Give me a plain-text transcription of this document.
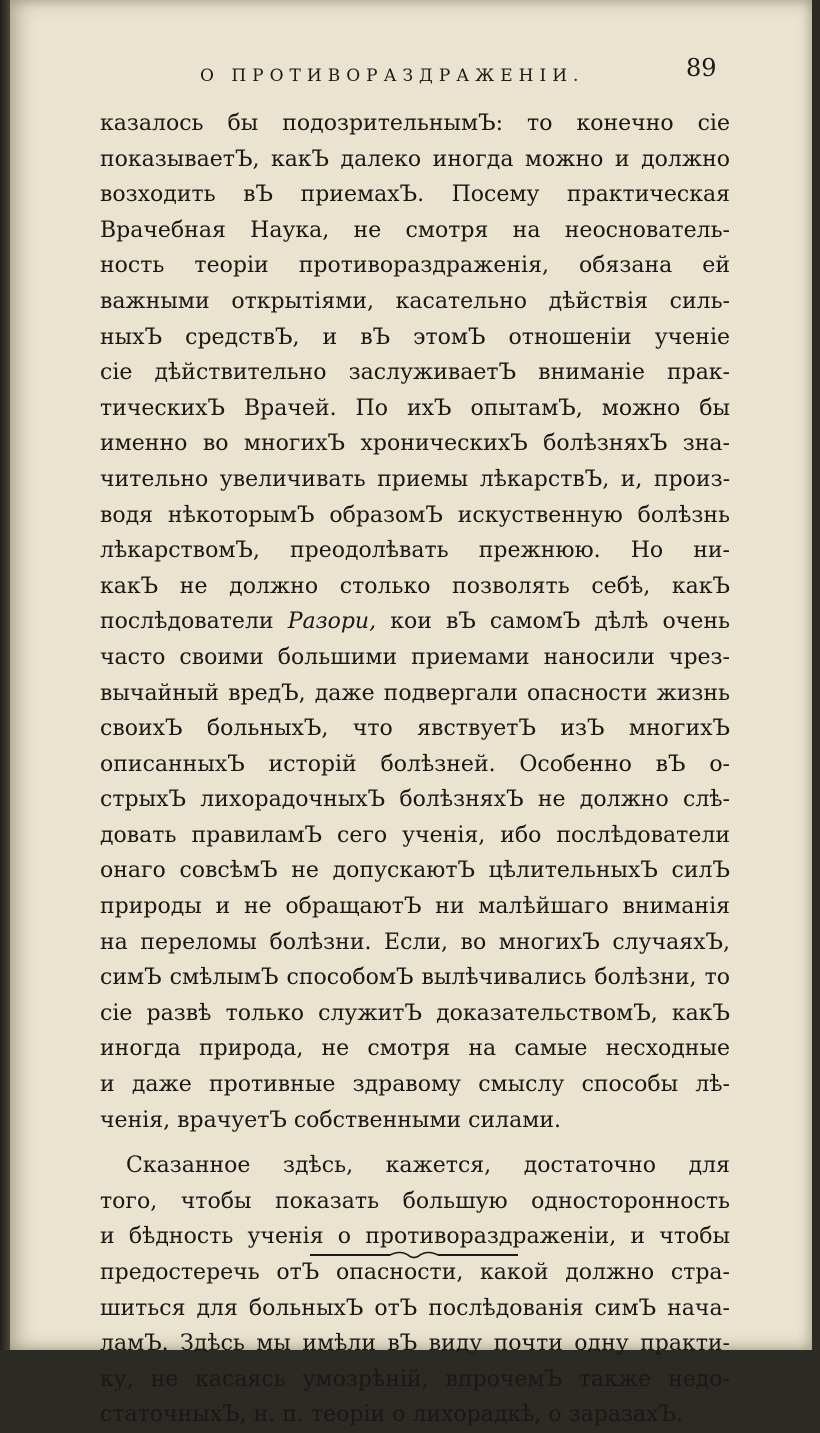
О ПРОТИВОРАЗДРАЖЕНIИ.	89
казалось бы подозрительнымЪ: то конечно сiе
показываетЪ, какЪ далеко иногда можно и должно
возходить вЪ приемахЪ. Посему практическая
Врачебная Наука, не смотря на неоснователь-
ность теорiи противораздраженiя, обязана ей
важными открытiями, касательно дѣйствiя силь-
ныхЪ средствЪ, и вЪ этомЪ отношенiи ученiе
сiе дѣйствительно заслуживаетЪ вниманiе прак-
тическихЪ Врачей. По ихЪ опытамЪ, можно бы
именно во многихЪ хроническихЪ болѣзняхЪ зна-
чительно увеличивать приемы лѣкарствЪ, и, произ-
водя нѣкоторымЪ образомЪ искуственную болѣзнь
лѣкарствомЪ, преодолѣвать прежнюю. Но ни-
какЪ не должно столько позволять себѣ, какЪ
послѣдователи Разори, кои вЪ самомЪ дѣлѣ очень
часто своими большими приемами наносили чрез-
вычайный вредЪ, даже подвергали опасности жизнь
своихЪ больныхЪ, что явствуетЪ изЪ многихЪ
описанныхЪ исторiй болѣзней. Особенно вЪ о-
стрыхЪ лихорадочныхЪ болѣзняхЪ не должно слѣ-
довать правиламЪ сего ученiя, ибо послѣдователи
онаго совсѣмЪ не допускаютЪ цѣлительныхЪ силЪ
природы и не обращаютЪ ни малѣйшаго вниманiя
на переломы болѣзни. Если, во многихЪ случаяхЪ,
симЪ смѣлымЪ способомЪ вылѣчивались болѣзни, то
сiе развѣ только служитЪ доказательствомЪ, какЪ
иногда природа, не смотря на самые несходные
и даже противные здравому смыслу способы лѣ-
ченiя, врачуетЪ собственными силами.
Сказанное здѣсь, кажется, достаточно для
того, чтобы показать большую односторонность
и бѣдность ученiя о противораздраженiи, и чтобы
предостеречь отЪ опасности, какой должно стра-
шиться для больныхЪ отЪ послѣдованiя симЪ нача-
ламЪ. Здѣсь мы имѣли вЪ виду почти одну практи-
ку, не касаясь умозрѣнiй, впрочемЪ также недо-
статочныхЪ, н. п. теорiи о лихорадкѣ, о заразахЪ.
